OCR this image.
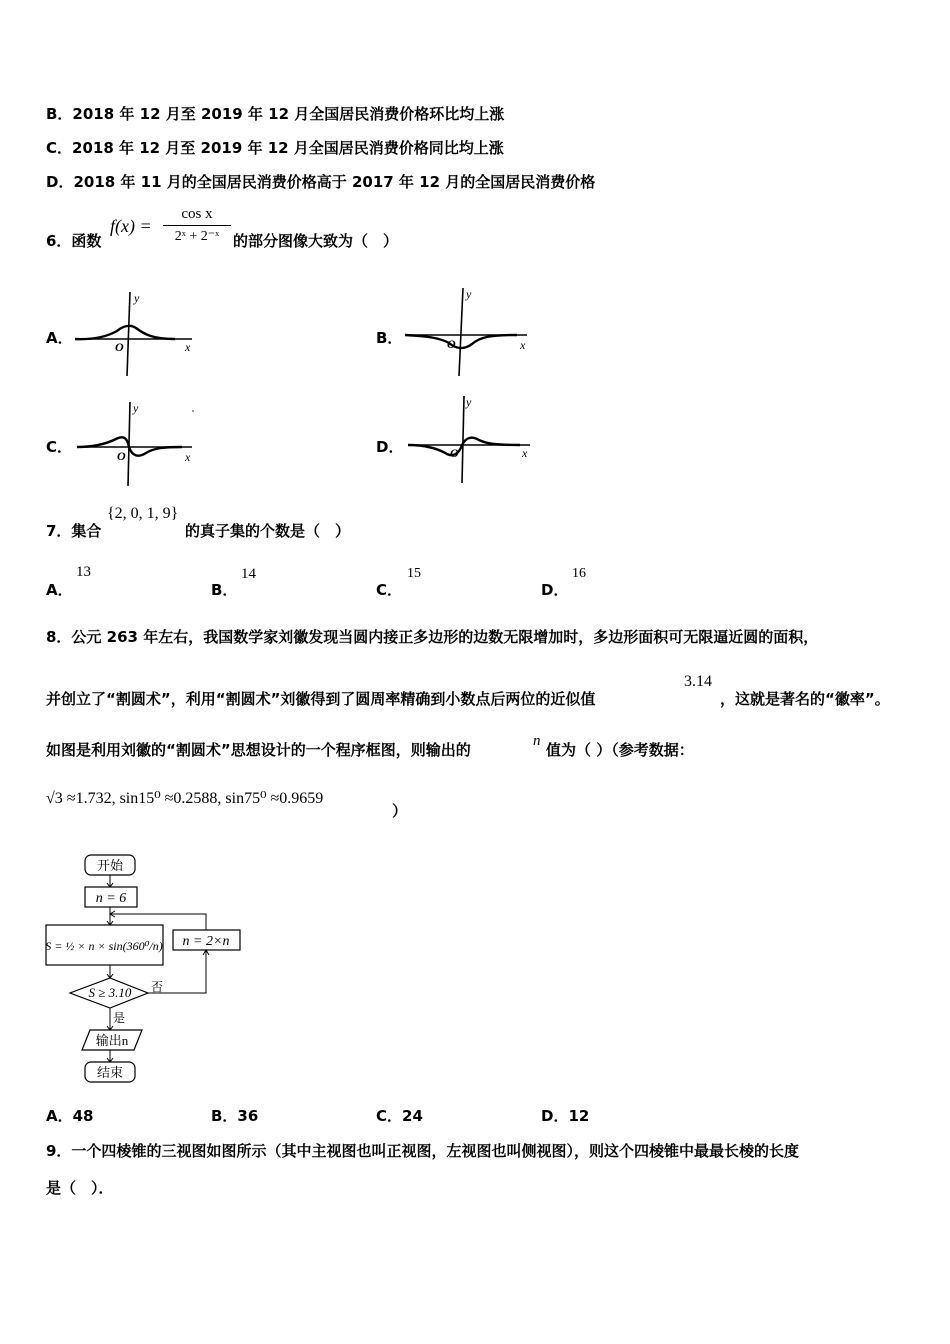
B．2018 年 12 月至 2019 年 12 月全国居民消费价格环比均上涨
C．2018 年 12 月至 2019 年 12 月全国居民消费价格同比均上涨
D．2018 年 11 月的全国居民消费价格高于 2017 年 12 月的全国居民消费价格
6．函数
$f(x) = \frac{\text{cos x}}{\text{2ˣ + 2⁻ˣ}}$ 的部分图像大致为（　）
A．	B．
C．	D．
y
x
O
y
x
O
y
x
O
y
x
O
7．集合
{2, 0, 1, 9}
的真子集的个数是（　）
A．
13
B．
14
C．
15
D．
16
8．公元 263 年左右，我国数学家刘徽发现当圆内接正多边形的边数无限增加时，多边形面积可无限逼近圆的面积，
并创立了“割圆术”，利用“割圆术”刘徽得到了圆周率精确到小数点后两位的近似值
3.14
，这就是著名的“徽率”。
如图是利用刘徽的“割圆术”思想设计的一个程序框图，则输出的	n 值为（ ）（参考数据：
√3 ≈1.732, sin15⁰ ≈0.2588, sin75⁰ ≈0.9659
）
开始
n = 6
S = ½ × n × sin(360⁰/n) n = 2×n
S ≥ 3.10 否
是
输出n
结束
A．48	B．36	C．24	D．12
9．一个四棱锥的三视图如图所示（其中主视图也叫正视图，左视图也叫侧视图），则这个四棱锥中最最长棱的长度
是（　）．
